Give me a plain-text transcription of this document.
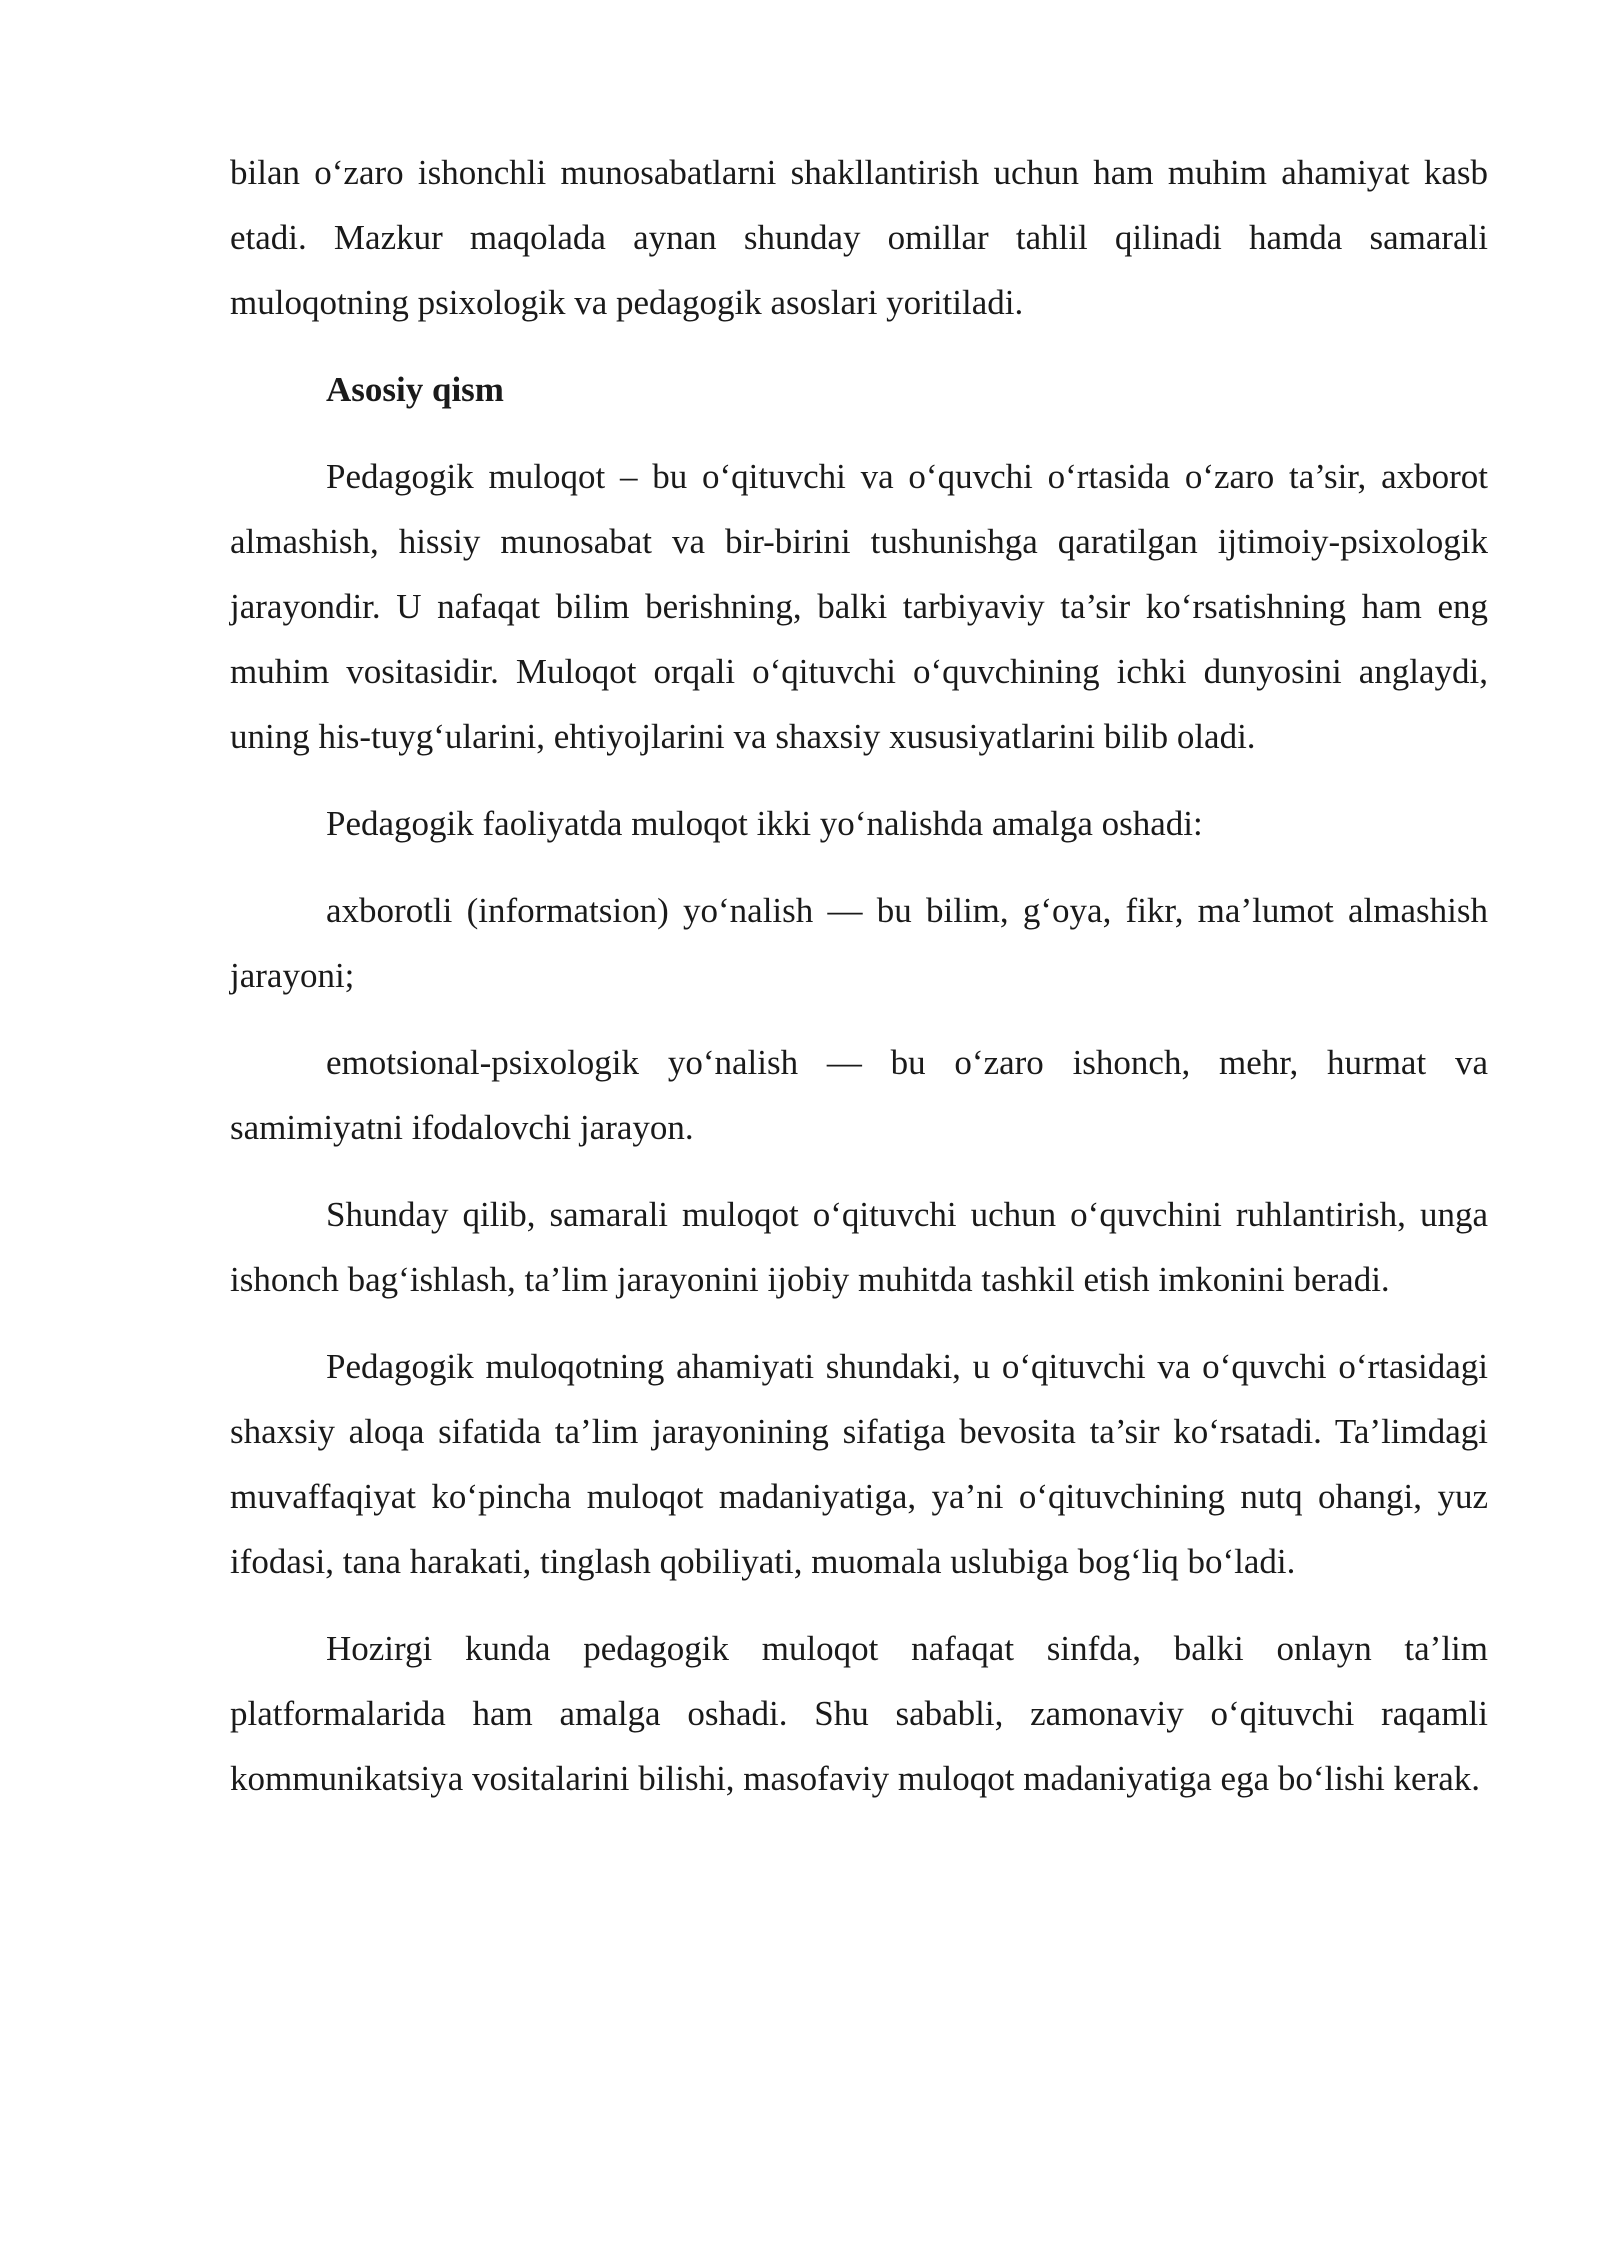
bilan o‘zaro ishonchli munosabatlarni shakllantirish uchun ham muhim ahamiyat kasb etadi. Mazkur maqolada aynan shunday omillar tahlil qilinadi hamda samarali muloqotning psixologik va pedagogik asoslari yoritiladi.

Asosiy qism

Pedagogik muloqot – bu o‘qituvchi va o‘quvchi o‘rtasida o‘zaro ta’sir, axborot almashish, hissiy munosabat va bir-birini tushunishga qaratilgan ijtimoiy-psixologik jarayondir. U nafaqat bilim berishning, balki tarbiyaviy ta’sir ko‘rsatishning ham eng muhim vositasidir. Muloqot orqali o‘qituvchi o‘quvchining ichki dunyosini anglaydi, uning his-tuyg‘ularini, ehtiyojlarini va shaxsiy xususiyatlarini bilib oladi.

Pedagogik faoliyatda muloqot ikki yo‘nalishda amalga oshadi:

axborotli (informatsion) yo‘nalish — bu bilim, g‘oya, fikr, ma’lumot almashish jarayoni;

emotsional-psixologik yo‘nalish — bu o‘zaro ishonch, mehr, hurmat va samimiyatni ifodalovchi jarayon.

Shunday qilib, samarali muloqot o‘qituvchi uchun o‘quvchini ruhlantirish, unga ishonch bag‘ishlash, ta’lim jarayonini ijobiy muhitda tashkil etish imkonini beradi.

Pedagogik muloqotning ahamiyati shundaki, u o‘qituvchi va o‘quvchi o‘rtasidagi shaxsiy aloqa sifatida ta’lim jarayonining sifatiga bevosita ta’sir ko‘rsatadi. Ta’limdagi muvaffaqiyat ko‘pincha muloqot madaniyatiga, ya’ni o‘qituvchining nutq ohangi, yuz ifodasi, tana harakati, tinglash qobiliyati, muomala uslubiga bog‘liq bo‘ladi.

Hozirgi kunda pedagogik muloqot nafaqat sinfda, balki onlayn ta’lim platformalarida ham amalga oshadi. Shu sababli, zamonaviy o‘qituvchi raqamli kommunikatsiya vositalarini bilishi, masofaviy muloqot madaniyatiga ega bo‘lishi kerak.
